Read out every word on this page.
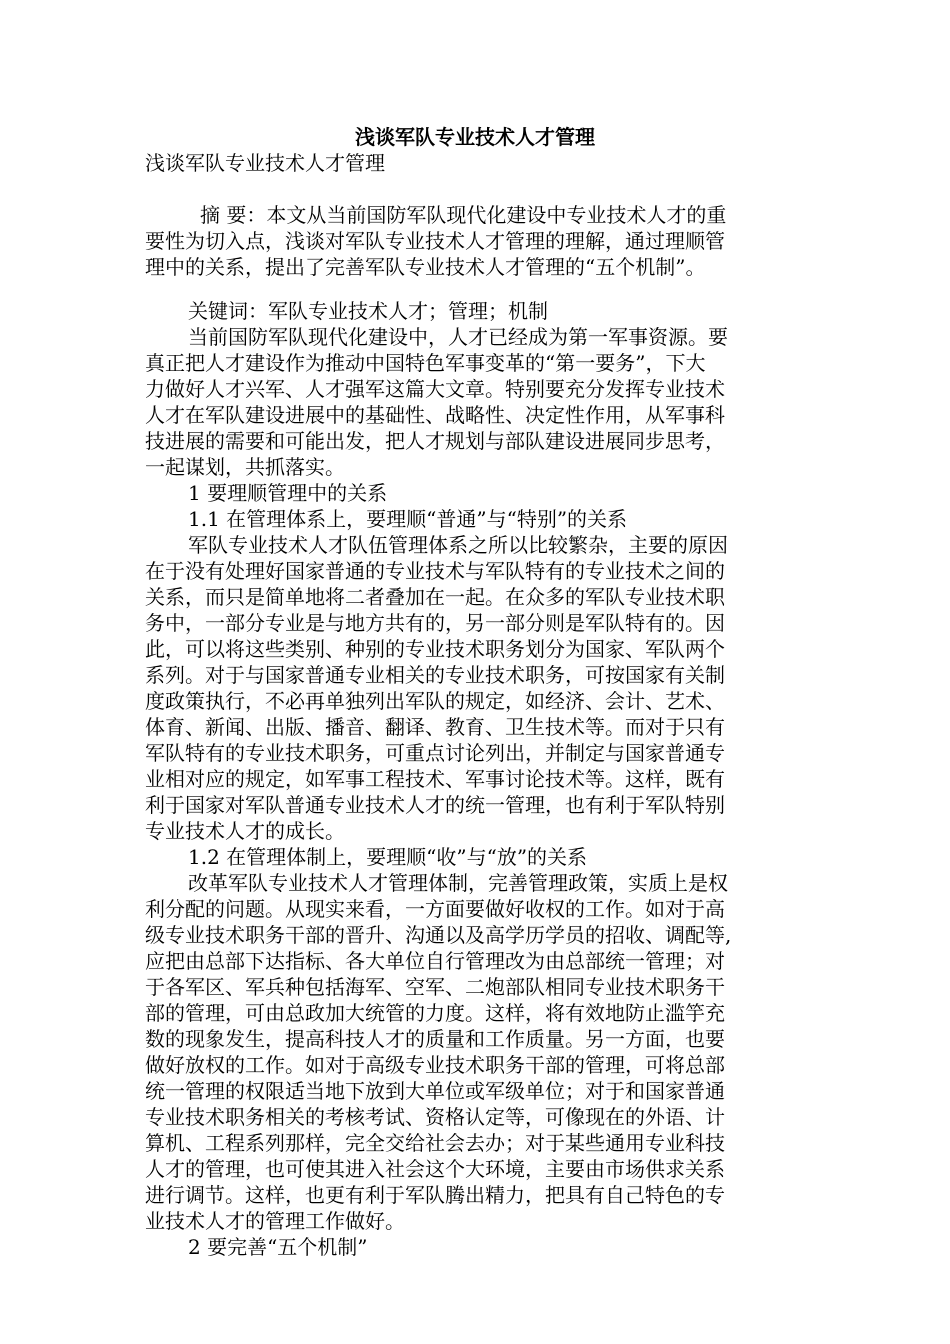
浅谈军队专业技术人才管理
浅谈军队专业技术人才管理
摘 要：本文从当前国防军队现代化建设中专业技术人才的重
要性为切入点，浅谈对军队专业技术人才管理的理解，通过理顺管
理中的关系，提出了完善军队专业技术人才管理的“五个机制”。
关键词：军队专业技术人才；管理；机制
当前国防军队现代化建设中，人才已经成为第一军事资源。要
真正把人才建设作为推动中国特色军事变革的“第一要务”，下大
力做好人才兴军、人才强军这篇大文章。特别要充分发挥专业技术
人才在军队建设进展中的基础性、战略性、决定性作用，从军事科
技进展的需要和可能出发，把人才规划与部队建设进展同步思考，
一起谋划，共抓落实。
1 要理顺管理中的关系
1.1 在管理体系上，要理顺“普通”与“特别”的关系
军队专业技术人才队伍管理体系之所以比较繁杂，主要的原因
在于没有处理好国家普通的专业技术与军队特有的专业技术之间的
关系，而只是简单地将二者叠加在一起。在众多的军队专业技术职
务中，一部分专业是与地方共有的，另一部分则是军队特有的。因
此，可以将这些类别、种别的专业技术职务划分为国家、军队两个
系列。对于与国家普通专业相关的专业技术职务，可按国家有关制
度政策执行，不必再单独列出军队的规定，如经济、会计、艺术、
体育、新闻、出版、播音、翻译、教育、卫生技术等。而对于只有
军队特有的专业技术职务，可重点讨论列出，并制定与国家普通专
业相对应的规定，如军事工程技术、军事讨论技术等。这样，既有
利于国家对军队普通专业技术人才的统一管理，也有利于军队特别
专业技术人才的成长。
1.2 在管理体制上，要理顺“收”与“放”的关系
改革军队专业技术人才管理体制，完善管理政策，实质上是权
利分配的问题。从现实来看，一方面要做好收权的工作。如对于高
级专业技术职务干部的晋升、沟通以及高学历学员的招收、调配等,
应把由总部下达指标、各大单位自行管理改为由总部统一管理；对
于各军区、军兵种包括海军、空军、二炮部队相同专业技术职务干
部的管理，可由总政加大统管的力度。这样，将有效地防止滥竽充
数的现象发生，提高科技人才的质量和工作质量。另一方面，也要
做好放权的工作。如对于高级专业技术职务干部的管理，可将总部
统一管理的权限适当地下放到大单位或军级单位；对于和国家普通
专业技术职务相关的考核考试、资格认定等，可像现在的外语、计
算机、工程系列那样，完全交给社会去办；对于某些通用专业科技
人才的管理，也可使其进入社会这个大环境，主要由市场供求关系
进行调节。这样，也更有利于军队腾出精力，把具有自己特色的专
业技术人才的管理工作做好。
2 要完善“五个机制”
